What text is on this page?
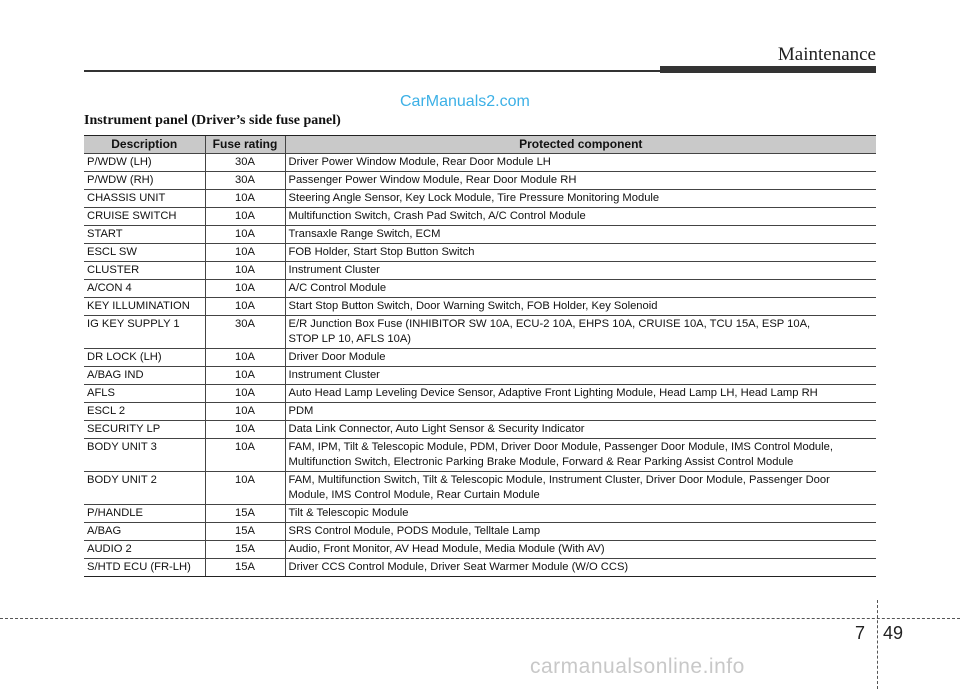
Maintenance
CarManuals2.com
Instrument panel (Driver’s side fuse panel)
Description	Fuse rating	Protected component
P/WDW (LH)	30A	Driver Power Window Module, Rear Door Module LH
P/WDW (RH)	30A	Passenger Power Window Module, Rear Door Module RH
CHASSIS UNIT	10A	Steering Angle Sensor, Key Lock Module, Tire Pressure Monitoring Module
CRUISE SWITCH	10A	Multifunction Switch, Crash Pad Switch, A/C Control Module
START	10A	Transaxle Range Switch, ECM
ESCL SW	10A	FOB Holder, Start Stop Button Switch
CLUSTER	10A	Instrument Cluster
A/CON 4	10A	A/C Control Module
KEY ILLUMINATION	10A	Start Stop Button Switch, Door Warning Switch, FOB Holder, Key Solenoid
IG KEY SUPPLY 1	30A	E/R Junction Box Fuse (INHIBITOR SW 10A, ECU-2 10A, EHPS 10A, CRUISE 10A, TCU 15A, ESP 10A,
STOP LP 10, AFLS 10A)

DR LOCK (LH)	10A	Driver Door Module
A/BAG IND	10A	Instrument Cluster
AFLS	10A	Auto Head Lamp Leveling Device Sensor, Adaptive Front Lighting Module, Head Lamp LH, Head Lamp RH
ESCL 2	10A	PDM
SECURITY LP	10A	Data Link Connector, Auto Light Sensor & Security Indicator
BODY UNIT 3	10A	FAM, IPM, Tilt & Telescopic Module, PDM, Driver Door Module, Passenger Door Module, IMS Control Module,
Multifunction Switch, Electronic Parking Brake Module, Forward & Rear Parking Assist Control Module

BODY UNIT 2	10A	FAM, Multifunction Switch, Tilt & Telescopic Module, Instrument Cluster, Driver Door Module, Passenger Door
Module, IMS Control Module, Rear Curtain Module

P/HANDLE	15A	Tilt & Telescopic Module
A/BAG	15A	SRS Control Module, PODS Module, Telltale Lamp
AUDIO 2	15A	Audio, Front Monitor, AV Head Module, Media Module (With AV)
S/HTD ECU (FR-LH)	15A	Driver CCS Control Module, Driver Seat Warmer Module (W/O CCS)
7 49
carmanualsonline.info
